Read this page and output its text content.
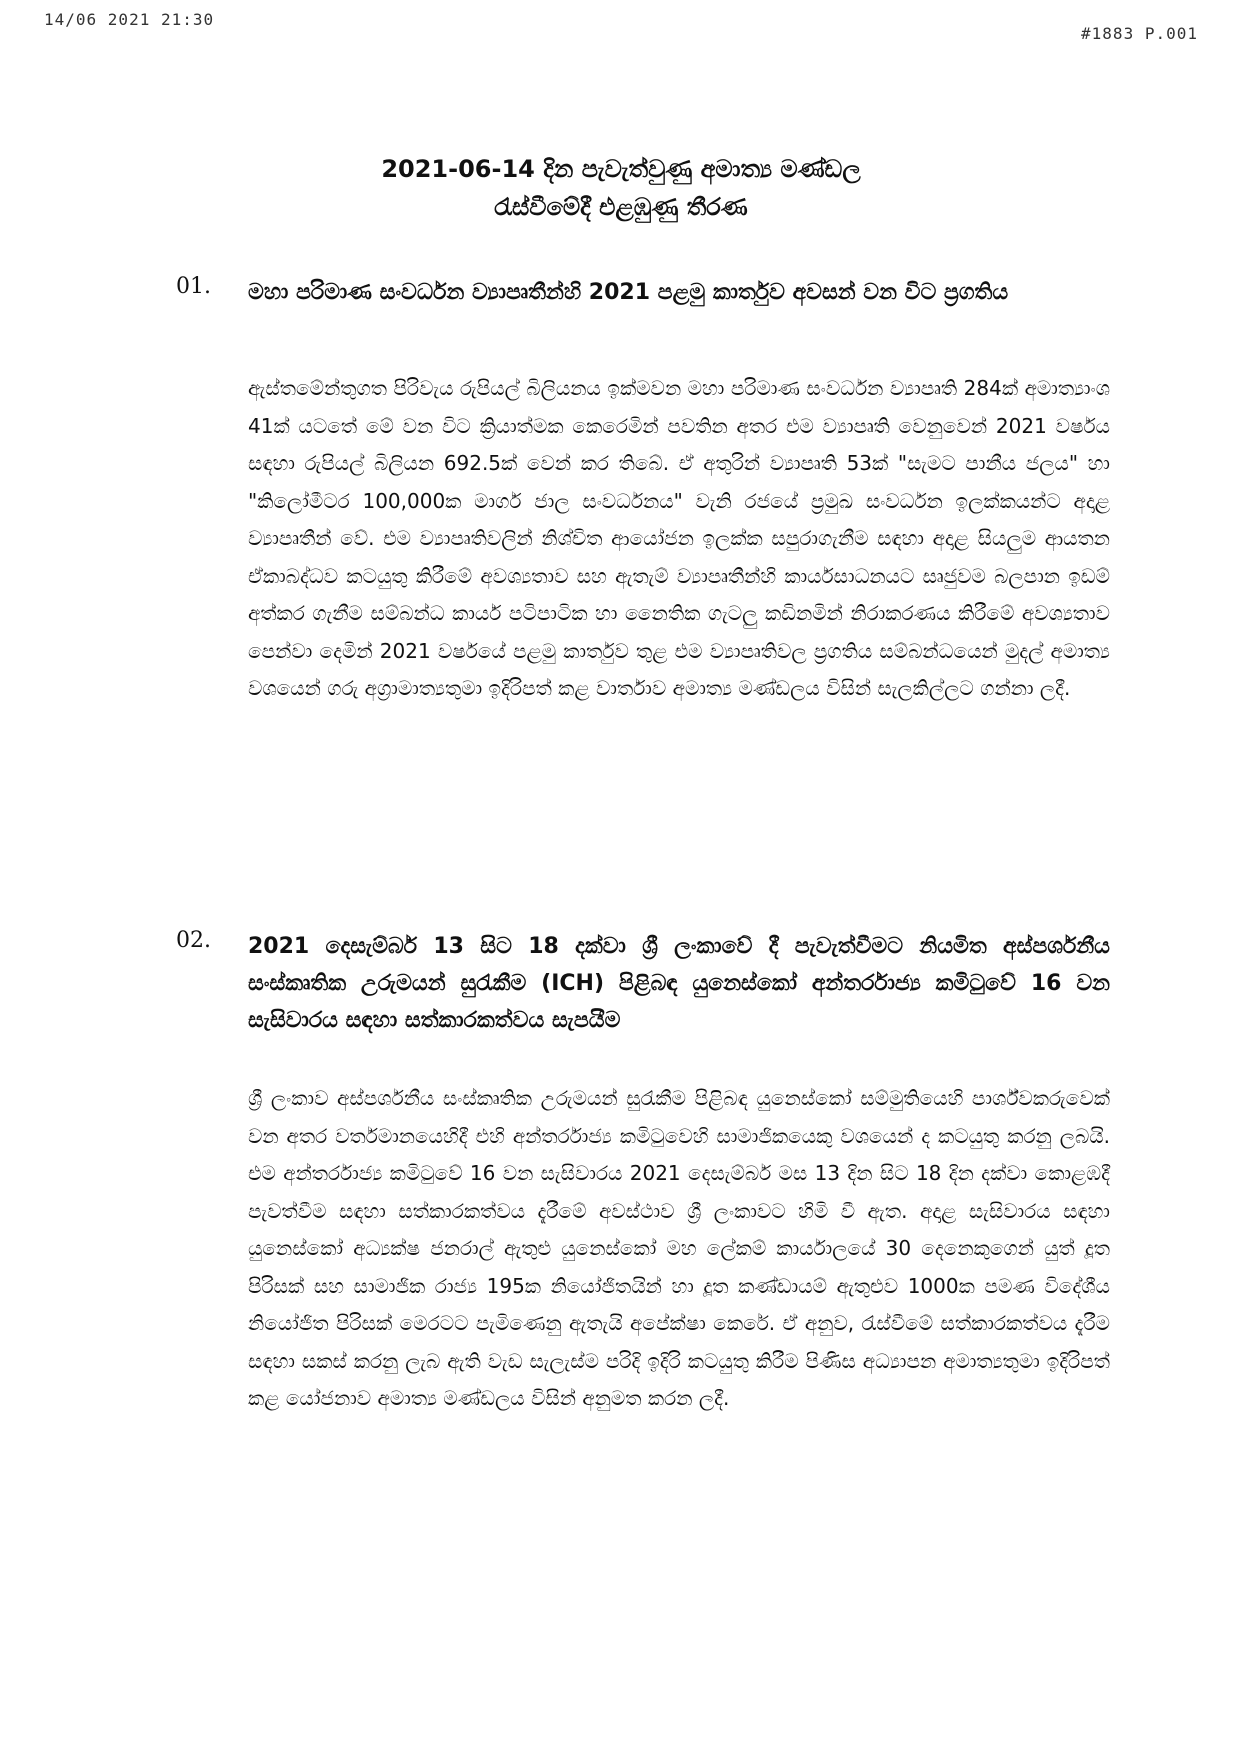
14/06 2021 21:30
#1883 P.001
2021-06-14 දින පැවැත්වුණු අමාත්‍ය මණ්ඩල
රැස්වීමේදී එළඹුණු තීරණ
01. මහා පරිමාණ සංවර්ධන ව්‍යාපෘතීන්හි 2021 පළමු කාර්තුව අවසන් වන විට ප්‍රගතිය

ඇස්තමේන්තුගත පිරිවැය රුපියල් බිලියනය ඉක්මවන මහා පරිමාණ සංවර්ධන ව්‍යාපෘති 284ක් අමාත්‍යාංශ 41ක් යටතේ මේ වන විට ක්‍රියාත්මක කෙරෙමින් පවතින අතර එම ව්‍යාපෘති වෙනුවෙන් 2021 වර්ෂය සඳහා රුපියල් බිලියන 692.5ක් වෙන් කර තිබේ. ඒ අතුරින් ව්‍යාපෘති 53ක් "සැමට පානීය ජලය" හා "කිලෝමීටර 100,000ක මාර්ග ජාල සංවර්ධනය" වැනි රජයේ ප්‍රමුඛ සංවර්ධන ඉලක්කයන්ට අදාළ ව්‍යාපෘතීන් වේ. එම ව්‍යාපෘතිවලින් නිශ්චිත ආයෝජන ඉලක්ක සපුරාගැනීම සඳහා අදාළ සියලුම ආයතන ඒකාබද්ධව කටයුතු කිරීමේ අවශ්‍යතාව සහ ඇතැම් ව්‍යාපෘතීන්හි කාර්යසාධනයට සෘජුවම බලපාන ඉඩම් අත්කර ගැනීම සම්බන්ධ කාර්ය පටිපාටික හා නෛතික ගැටලු කඩිනමින් නිරාකරණය කිරීමේ අවශ්‍යතාව පෙන්වා දෙමින් 2021 වර්ෂයේ පළමු කාර්තුව තුළ එම ව්‍යාපෘතිවල ප්‍රගතිය සම්බන්ධයෙන් මුදල් අමාත්‍ය වශයෙන් ගරු අග්‍රාමාත්‍යතුමා ඉදිරිපත් කළ වාර්තාව අමාත්‍ය මණ්ඩලය විසින් සැලකිල්ලට ගන්නා ලදී.

02. 2021 දෙසැම්බර් 13 සිට 18 දක්වා ශ්‍රී ලංකාවේ දී පැවැත්වීමට නියමිත අස්පර්ශනීය සංස්කෘතික උරුමයන් සුරැකීම (ICH) පිළිබඳ යුනෙස්කෝ අන්තර්රාජ්‍ය කමිටුවේ 16 වන සැසිවාරය සඳහා සත්කාරකත්වය සැපයීම

ශ්‍රී ලංකාව අස්පර්ශනීය සංස්කෘතික උරුමයන් සුරැකීම පිළිබඳ යුනෙස්කෝ සම්මුතියෙහි පාර්ශ්වකරුවෙක් වන අතර වර්තමානයෙහිදී එහි අන්තර්රාජ්‍ය කමිටුවෙහි සාමාජිකයෙකු වශයෙන් ද කටයුතු කරනු ලබයි. එම අන්තර්රාජ්‍ය කමිටුවේ 16 වන සැසිවාරය 2021 දෙසැම්බර් මස 13 දින සිට 18 දින දක්වා කොළඹදී පැවත්වීම සඳහා සත්කාරකත්වය දැරීමේ අවස්ථාව ශ්‍රී ලංකාවට හිමි වී ඇත. අදාළ සැසිවාරය සඳහා යුනෙස්කෝ අධ්‍යක්ෂ ජනරාල් ඇතුළු යුනෙස්කෝ මහ ලේකම් කාර්යාලයේ 30 දෙනෙකුගෙන් යුත් දූත පිරිසක් සහ සාමාජික රාජ්‍ය 195ක නියෝජිතයින් හා දූත කණ්ඩායම් ඇතුළුව 1000ක පමණ විදේශීය නියෝජිත පිරිසක් මෙරටට පැමිණෙනු ඇතැයි අපේක්ෂා කෙරේ. ඒ අනුව, රැස්වීමේ සත්කාරකත්වය දැරීම සඳහා සකස් කරනු ලැබ ඇති වැඩ සැලැස්ම පරිදි ඉදිරි කටයුතු කිරීම පිණිස අධ්‍යාපන අමාත්‍යතුමා ඉදිරිපත් කළ යෝජනාව අමාත්‍ය මණ්ඩලය විසින් අනුමත කරන ලදී.
